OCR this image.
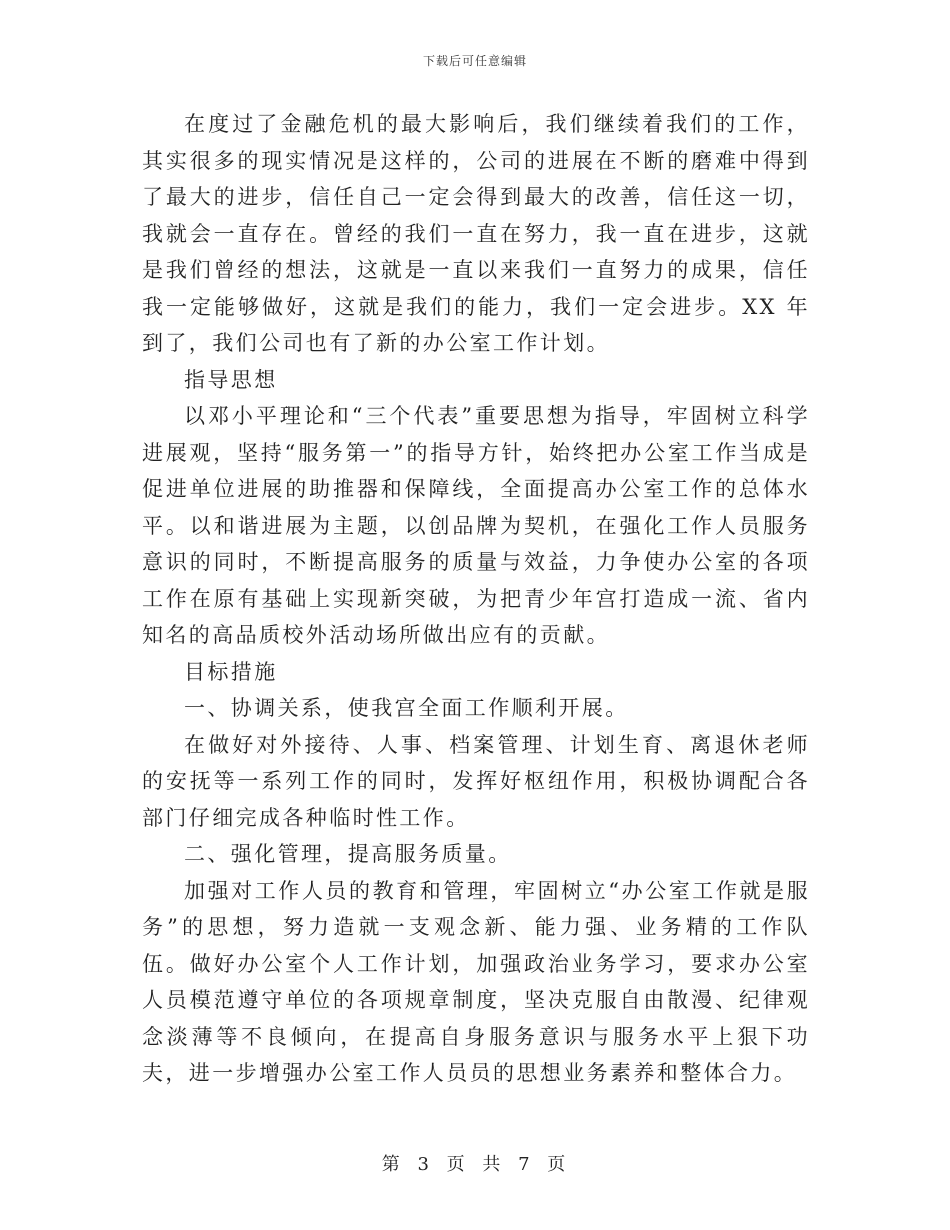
下载后可任意编辑

在度过了金融危机的最大影响后，我们继续着我们的工作，其实很多的现实情况是这样的，公司的进展在不断的磨难中得到了最大的进步，信任自己一定会得到最大的改善，信任这一切，我就会一直存在。曾经的我们一直在努力，我一直在进步，这就是我们曾经的想法，这就是一直以来我们一直努力的成果，信任我一定能够做好，这就是我们的能力，我们一定会进步。XX 年到了，我们公司也有了新的办公室工作计划。

指导思想

以邓小平理论和“三个代表”重要思想为指导，牢固树立科学进展观，坚持“服务第一”的指导方针，始终把办公室工作当成是促进单位进展的助推器和保障线，全面提高办公室工作的总体水平。以和谐进展为主题，以创品牌为契机，在强化工作人员服务意识的同时，不断提高服务的质量与效益，力争使办公室的各项工作在原有基础上实现新突破，为把青少年宫打造成一流、省内知名的高品质校外活动场所做出应有的贡献。

目标措施

一、协调关系，使我宫全面工作顺利开展。

在做好对外接待、人事、档案管理、计划生育、离退休老师的安抚等一系列工作的同时，发挥好枢纽作用，积极协调配合各部门仔细完成各种临时性工作。

二、强化管理，提高服务质量。

加强对工作人员的教育和管理，牢固树立“办公室工作就是服务”的思想，努力造就一支观念新、能力强、业务精的工作队伍。做好办公室个人工作计划，加强政治业务学习，要求办公室人员模范遵守单位的各项规章制度，坚决克服自由散漫、纪律观念淡薄等不良倾向，在提高自身服务意识与服务水平上狠下功夫，进一步增强办公室工作人员员的思想业务素养和整体合力。

第 3 页 共 7 页
